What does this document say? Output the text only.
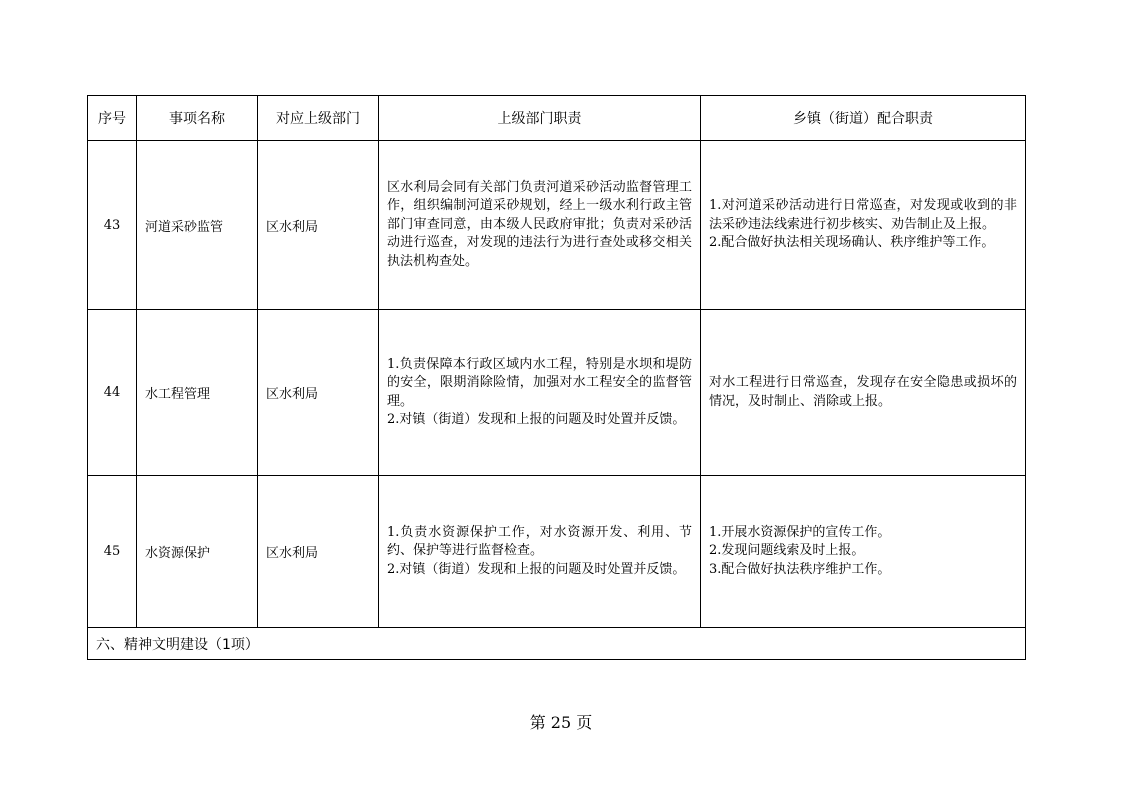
序号	事项名称	对应上级部门	上级部门职责	乡镇（街道）配合职责
43	河道采砂监管	区水利局	区水利局会同有关部门负责河道采砂活动监督管理工作，组织编制河道采砂规划，经上一级水利行政主管部门审查同意，由本级人民政府审批；负责对采砂活动进行巡查，对发现的违法行为进行查处或移交相关执法机构查处。	1.对河道采砂活动进行日常巡查，对发现或收到的非法采砂违法线索进行初步核实、劝告制止及上报。
2.配合做好执法相关现场确认、秩序维护等工作。

44	水工程管理	区水利局	1.负责保障本行政区域内水工程，特别是水坝和堤防的安全，限期消除险情，加强对水工程安全的监督管理。
2.对镇（街道）发现和上报的问题及时处置并反馈。	对水工程进行日常巡查，发现存在安全隐患或损坏的情况，及时制止、消除或上报。

45	水资源保护	区水利局	1.负责水资源保护工作，对水资源开发、利用、节约、保护等进行监督检查。
2.对镇（街道）发现和上报的问题及时处置并反馈。	1.开展水资源保护的宣传工作。
2.发现问题线索及时上报。
3.配合做好执法秩序维护工作。

六、精神文明建设（1项）				
第 25 页
